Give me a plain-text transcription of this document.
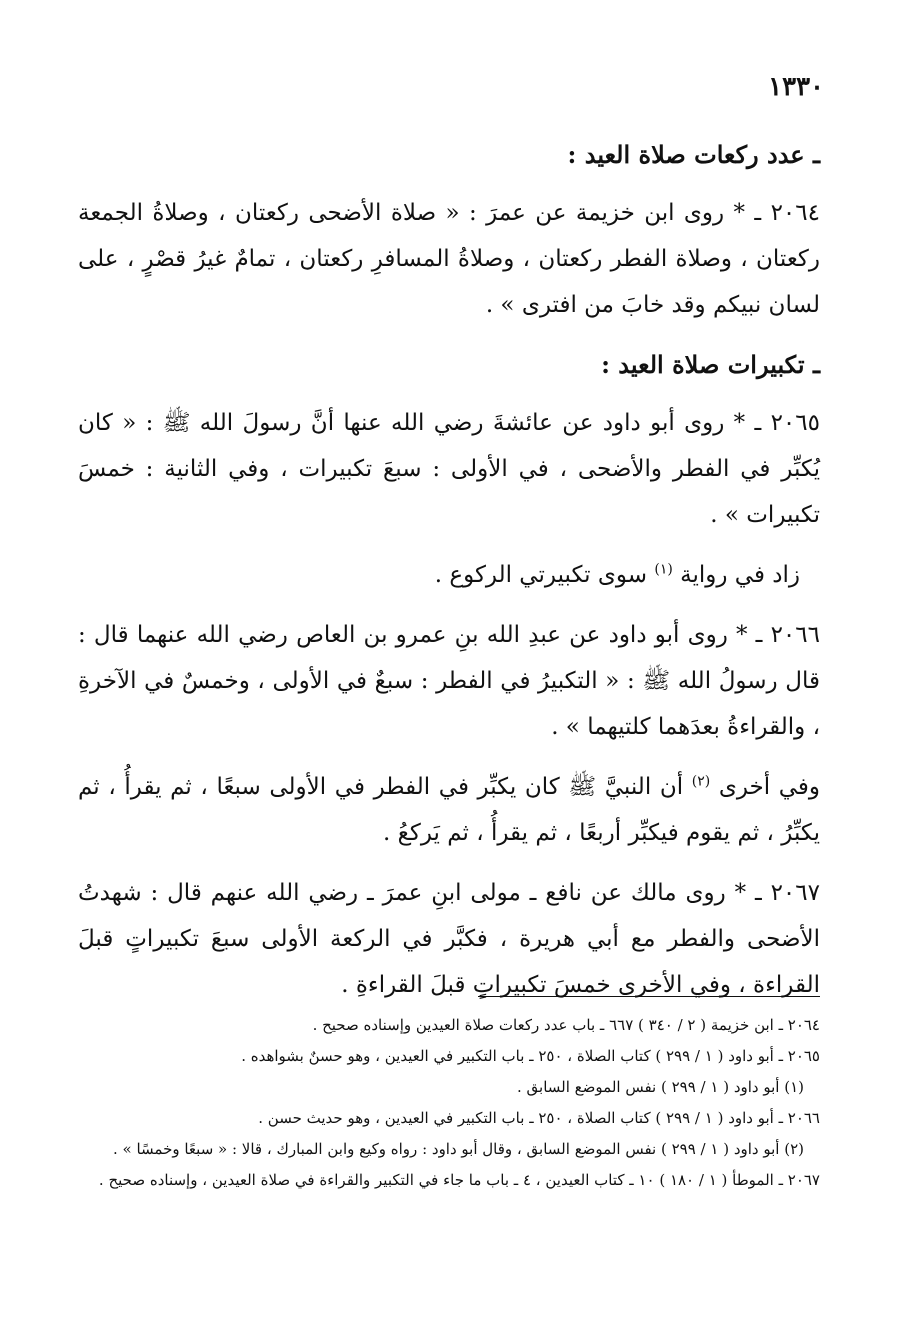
١٣٣٠
ـ عدد ركعات صلاة العيد :

٢٠٦٤ ـ * روى ابن خزيمة عن عمرَ : « صلاة الأضحى ركعتان ، وصلاةُ الجمعة ركعتان ، وصلاة الفطر ركعتان ، وصلاةُ المسافرِ ركعتان ، تمامٌ غيرُ قصْرٍ ، على لسان نبيكم وقد خابَ من افترى » .

ـ تكبيرات صلاة العيد :

٢٠٦٥ ـ * روى أبو داود عن عائشةَ رضي الله عنها أنَّ رسولَ الله ﷺ : « كان يُكبِّر في الفطر والأضحى ، في الأولى : سبعَ تكبيرات ، وفي الثانية : خمسَ تكبيرات » .

زاد في رواية $^{(١)}$ سوى تكبيرتي الركوع .

٢٠٦٦ ـ * روى أبو داود عن عبدِ الله بنِ عمرو بن العاص رضي الله عنهما قال : قال رسولُ الله ﷺ : « التكبيرُ في الفطر : سبعٌ في الأولى ، وخمسٌ في الآخرةِ ، والقراءةُ بعدَهما كلتيهما » .

وفي أخرى $^{(٢)}$ أن النبيَّ ﷺ كان يكبِّر في الفطر في الأولى سبعًا ، ثم يقرأُ ، ثم يكبِّرُ ، ثم يقوم فيكبِّر أربعًا ، ثم يقرأُ ، ثم يَركعُ .

٢٠٦٧ ـ * روى مالك عن نافع ـ مولى ابنِ عمرَ ـ رضي الله عنهم قال : شهدتُ الأضحى والفطر مع أبي هريرة ، فكبَّر في الركعة الأولى سبعَ تكبيراتٍ قبلَ القراءة ، وفي الأخرى خمسَ تكبيراتٍ قبلَ القراءةِ .

٢٠٦٤ ـ ابن خزيمة ( ٢ / ٣٤٠ ) ٦٦٧ ـ باب عدد ركعات صلاة العيدين وإسناده صحيح .

٢٠٦٥ ـ أبو داود ( ١ / ٢٩٩ ) كتاب الصلاة ، ٢٥٠ ـ باب التكبير في العيدين ، وهو حسنٌ بشواهده .

(١) أبو داود ( ١ / ٢٩٩ ) نفس الموضع السابق .

٢٠٦٦ ـ أبو داود ( ١ / ٢٩٩ ) كتاب الصلاة ، ٢٥٠ ـ باب التكبير في العيدين ، وهو حديث حسن .

(٢) أبو داود ( ١ / ٢٩٩ ) نفس الموضع السابق ، وقال أبو داود : رواه وكيع وابن المبارك ، قالا : « سبعًا وخمسًا » .

٢٠٦٧ ـ الموطأ ( ١ / ١٨٠ ) ١٠ ـ كتاب العيدين ، ٤ ـ باب ما جاء في التكبير والقراءة في صلاة العيدين ، وإسناده صحيح .
